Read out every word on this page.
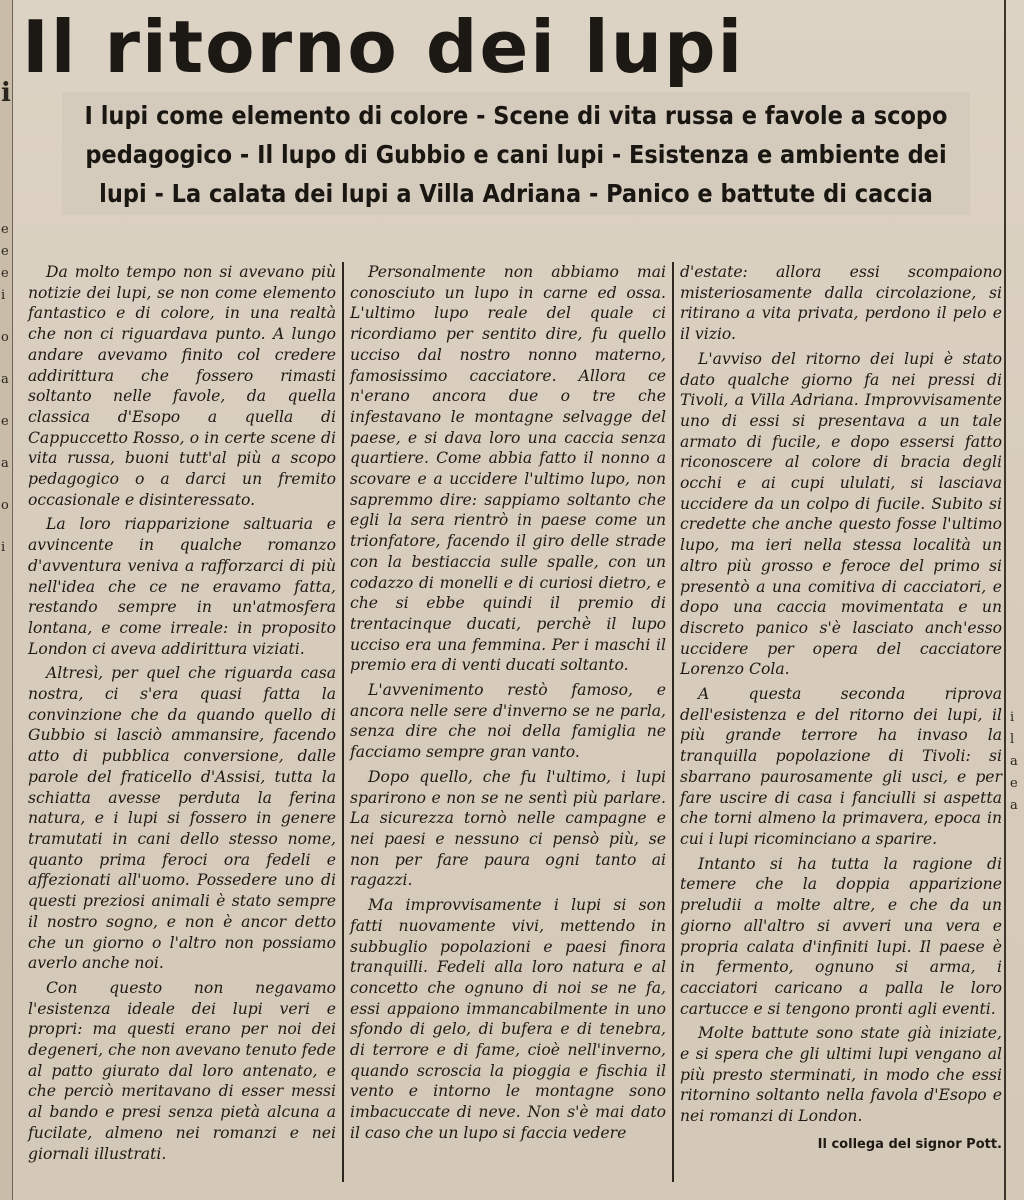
i
e
e
e
i
o
a
e
a
o
i
i
l
a
e
a
Il ritorno dei lupi
I lupi come elemento di colore - Scene di vita russa e favole a scopo pedagogico - Il lupo di Gubbio e cani lupi - Esistenza e ambiente dei lupi - La calata dei lupi a Villa Adriana - Panico e battute di caccia

Da molto tempo non si avevano più notizie dei lupi, se non come elemento fantastico e di colore, in una realtà che non ci riguardava punto. A lungo andare avevamo finito col credere addirittura che fossero rimasti soltanto nelle favole, da quella classica d'Esopo a quella di Cappuccetto Rosso, o in certe scene di vita russa, buoni tutt'al più a scopo pedagogico o a darci un fremito occasionale e disinteressato.

La loro riapparizione saltuaria e avvincente in qualche romanzo d'avventura veniva a rafforzarci di più nell'idea che ce ne eravamo fatta, restando sempre in un'atmosfera lontana, e come irreale: in proposito London ci aveva addirittura viziati.

Altresì, per quel che riguarda casa nostra, ci s'era quasi fatta la convinzione che da quando quello di Gubbio si lasciò ammansire, facendo atto di pubblica conversione, dalle parole del fraticello d'Assisi, tutta la schiatta avesse perduta la ferina natura, e i lupi si fossero in genere tramutati in cani dello stesso nome, quanto prima feroci ora fedeli e affezionati all'uomo. Possedere uno di questi preziosi animali è stato sempre il nostro sogno, e non è ancor detto che un giorno o l'altro non possiamo averlo anche noi.

Con questo non negavamo l'esistenza ideale dei lupi veri e propri: ma questi erano per noi dei degeneri, che non avevano tenuto fede al patto giurato dal loro antenato, e che perciò meritavano di esser messi al bando e presi senza pietà alcuna a fucilate, almeno nei romanzi e nei giornali illustrati.

Personalmente non abbiamo mai conosciuto un lupo in carne ed ossa. L'ultimo lupo reale del quale ci ricordiamo per sentito dire, fu quello ucciso dal nostro nonno materno, famosissimo cacciatore. Allora ce n'erano ancora due o tre che infestavano le montagne selvagge del paese, e si dava loro una caccia senza quartiere. Come abbia fatto il nonno a scovare e a uccidere l'ultimo lupo, non sapremmo dire: sappiamo soltanto che egli la sera rientrò in paese come un trionfatore, facendo il giro delle strade con la bestiaccia sulle spalle, con un codazzo di monelli e di curiosi dietro, e che si ebbe quindi il premio di trentacinque ducati, perchè il lupo ucciso era una femmina. Per i maschi il premio era di venti ducati soltanto.

L'avvenimento restò famoso, e ancora nelle sere d'inverno se ne parla, senza dire che noi della famiglia ne facciamo sempre gran vanto.

Dopo quello, che fu l'ultimo, i lupi sparirono e non se ne sentì più parlare. La sicurezza tornò nelle campagne e nei paesi e nessuno ci pensò più, se non per fare paura ogni tanto ai ragazzi.

Ma improvvisamente i lupi si son fatti nuovamente vivi, mettendo in subbuglio popolazioni e paesi finora tranquilli. Fedeli alla loro natura e al concetto che ognuno di noi se ne fa, essi appaiono immancabilmente in uno sfondo di gelo, di bufera e di tenebra, di terrore e di fame, cioè nell'inverno, quando scroscia la pioggia e fischia il vento e intorno le montagne sono imbacuccate di neve. Non s'è mai dato il caso che un lupo si faccia vedere

d'estate: allora essi scompaiono misteriosamente dalla circolazione, si ritirano a vita privata, perdono il pelo e il vizio.

L'avviso del ritorno dei lupi è stato dato qualche giorno fa nei pressi di Tivoli, a Villa Adriana. Improvvisamente uno di essi si presentava a un tale armato di fucile, e dopo essersi fatto riconoscere al colore di bracia degli occhi e ai cupi ululati, si lasciava uccidere da un colpo di fucile. Subito si credette che anche questo fosse l'ultimo lupo, ma ieri nella stessa località un altro più grosso e feroce del primo si presentò a una comitiva di cacciatori, e dopo una caccia movimentata e un discreto panico s'è lasciato anch'esso uccidere per opera del cacciatore Lorenzo Cola.

A questa seconda riprova dell'esistenza e del ritorno dei lupi, il più grande terrore ha invaso la tranquilla popolazione di Tivoli: si sbarrano paurosamente gli usci, e per fare uscire di casa i fanciulli si aspetta che torni almeno la primavera, epoca in cui i lupi ricominciano a sparire.

Intanto si ha tutta la ragione di temere che la doppia apparizione preludii a molte altre, e che da un giorno all'altro si avveri una vera e propria calata d'infiniti lupi. Il paese è in fermento, ognuno si arma, i cacciatori caricano a palla le loro cartucce e si tengono pronti agli eventi.

Molte battute sono state già iniziate, e si spera che gli ultimi lupi vengano al più presto sterminati, in modo che essi ritornino soltanto nella favola d'Esopo e nei romanzi di London.

Il collega del signor Pott.
